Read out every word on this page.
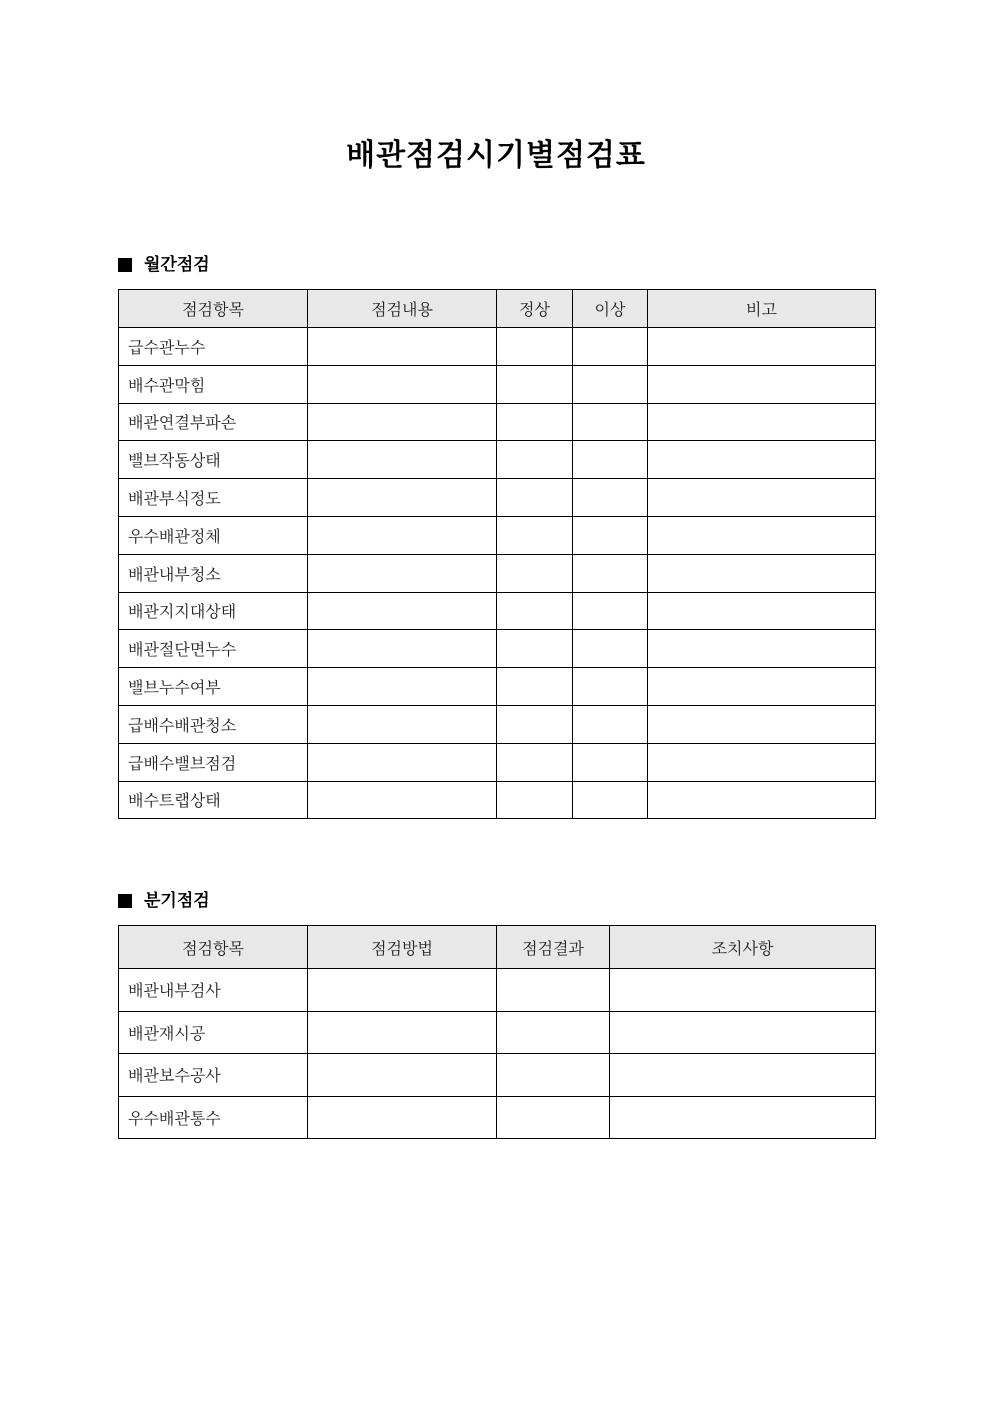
배관점검시기별점검표
월간점검
점검항목	점검내용	정상	이상	비고
급수관누수				
배수관막힘				
배관연결부파손				
밸브작동상태				
배관부식정도				
우수배관정체				
배관내부청소				
배관지지대상태				
배관절단면누수				
밸브누수여부				
급배수배관청소				
급배수밸브점검				
배수트랩상태				
분기점검
점검항목	점검방법	점검결과	조치사항
배관내부검사			
배관재시공			
배관보수공사			
우수배관통수			
